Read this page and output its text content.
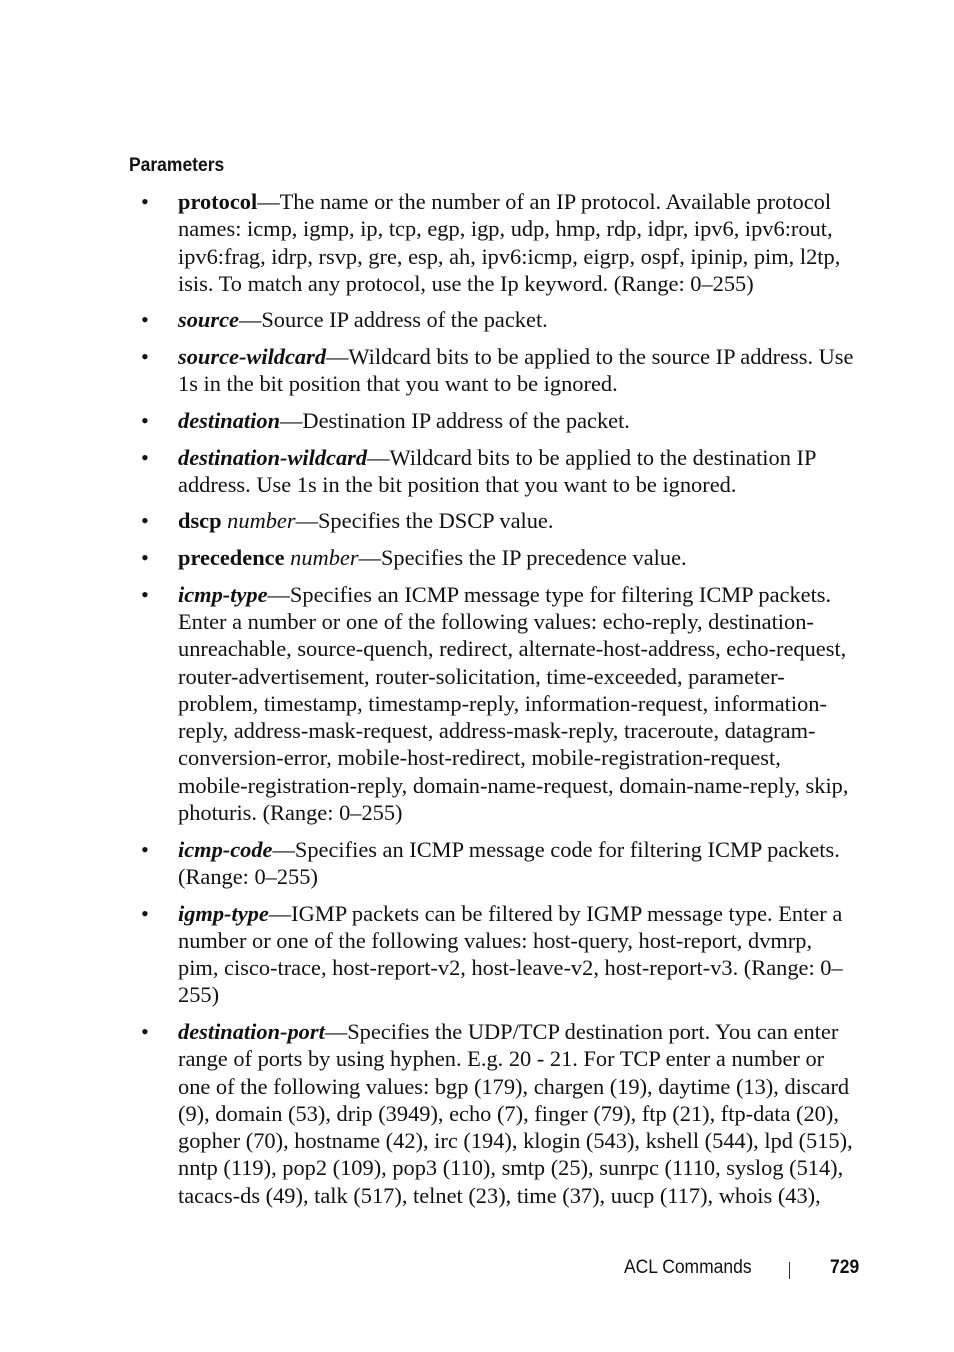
Parameters
• protocol—The name or the number of an IP protocol. Available protocol names: icmp, igmp, ip, tcp, egp, igp, udp, hmp, rdp, idpr, ipv6, ipv6:rout, ipv6:frag, idrp, rsvp, gre, esp, ah, ipv6:icmp, eigrp, ospf, ipinip, pim, l2tp, isis. To match any protocol, use the Ip keyword. (Range: 0–255)
• source—Source IP address of the packet.
• source-wildcard—Wildcard bits to be applied to the source IP address. Use 1s in the bit position that you want to be ignored.
• destination—Destination IP address of the packet.
• destination-wildcard—Wildcard bits to be applied to the destination IP address. Use 1s in the bit position that you want to be ignored.
• dscp number—Specifies the DSCP value.
• precedence number—Specifies the IP precedence value.
• icmp-type—Specifies an ICMP message type for filtering ICMP packets. Enter a number or one of the following values: echo-reply, destination-unreachable, source-quench, redirect, alternate-host-address, echo-request, router-advertisement, router-solicitation, time-exceeded, parameter-problem, timestamp, timestamp-reply, information-request, information-reply, address-mask-request, address-mask-reply, traceroute, datagram-conversion-error, mobile-host-redirect, mobile-registration-request, mobile-registration-reply, domain-name-request, domain-name-reply, skip, photuris. (Range: 0–255)
• icmp-code—Specifies an ICMP message code for filtering ICMP packets. (Range: 0–255)
• igmp-type—IGMP packets can be filtered by IGMP message type. Enter a number or one of the following values: host-query, host-report, dvmrp, pim, cisco-trace, host-report-v2, host-leave-v2, host-report-v3. (Range: 0–255)
• destination-port—Specifies the UDP/TCP destination port. You can enter range of ports by using hyphen. E.g. 20 - 21. For TCP enter a number or one of the following values: bgp (179), chargen (19), daytime (13), discard (9), domain (53), drip (3949), echo (7), finger (79), ftp (21), ftp-data (20), gopher (70), hostname (42), irc (194), klogin (543), kshell (544), lpd (515), nntp (119), pop2 (109), pop3 (110), smtp (25), sunrpc (1110, syslog (514), tacacs-ds (49), talk (517), telnet (23), time (37), uucp (117), whois (43),
ACL Commands	729
